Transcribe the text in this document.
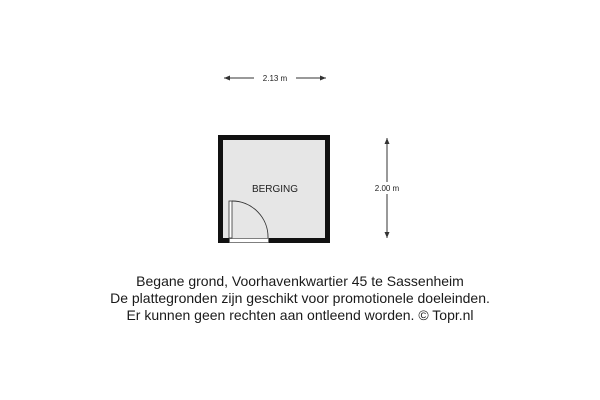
2.13 m
2.00 m
BERGING
Begane grond, Voorhavenkwartier 45 te Sassenheim
De plattegronden zijn geschikt voor promotionele doeleinden.
Er kunnen geen rechten aan ontleend worden. © Topr.nl
